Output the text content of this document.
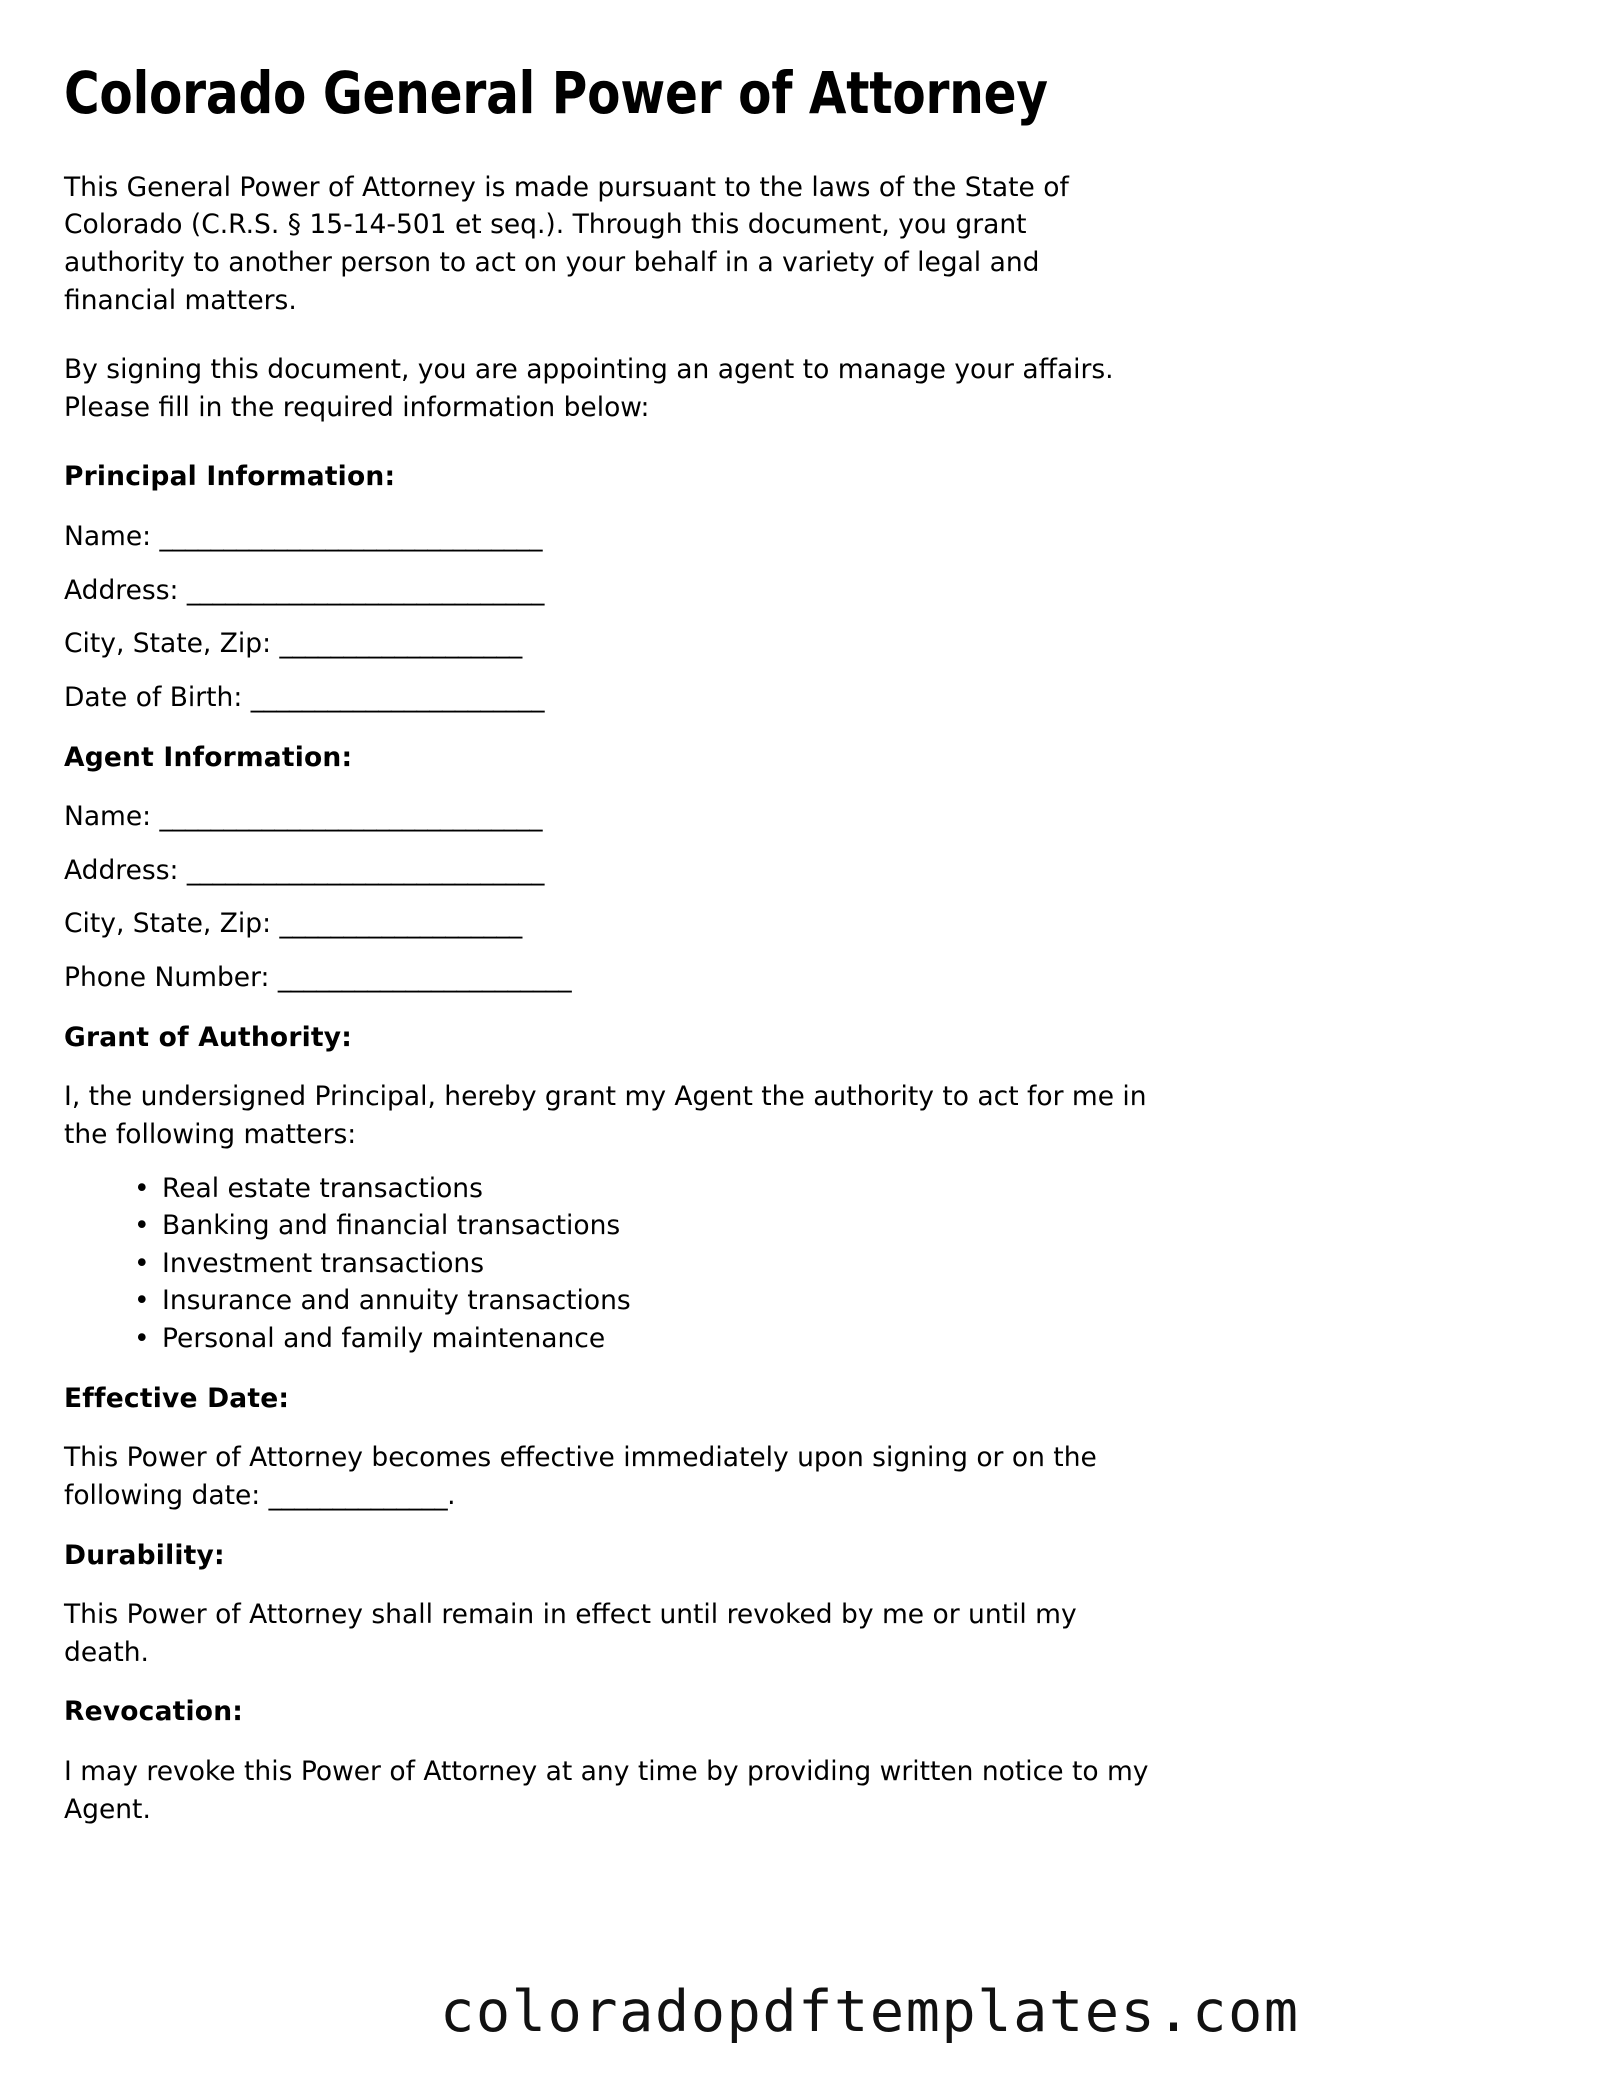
Colorado General Power of Attorney

This General Power of Attorney is made pursuant to the laws of the State of Colorado (C.R.S. § 15-14-501 et seq.). Through this document, you grant authority to another person to act on your behalf in a variety of legal and financial matters.

By signing this document, you are appointing an agent to manage your affairs. Please fill in the required information below:

Principal Information:

Name: ______________________________

Address: ____________________________

City, State, Zip: ___________________

Date of Birth: _______________________

Agent Information:

Name: ______________________________

Address: ____________________________

City, State, Zip: ___________________

Phone Number: _______________________

Grant of Authority:

I, the undersigned Principal, hereby grant my Agent the authority to act for me in the following matters:

• Real estate transactions
• Banking and financial transactions
• Investment transactions
• Insurance and annuity transactions
• Personal and family maintenance
Effective Date:

This Power of Attorney becomes effective immediately upon signing or on the following date: ______________.

Durability:

This Power of Attorney shall remain in effect until revoked by me or until my death.

Revocation:

I may revoke this Power of Attorney at any time by providing written notice to my Agent.

coloradopdftemplates.com
